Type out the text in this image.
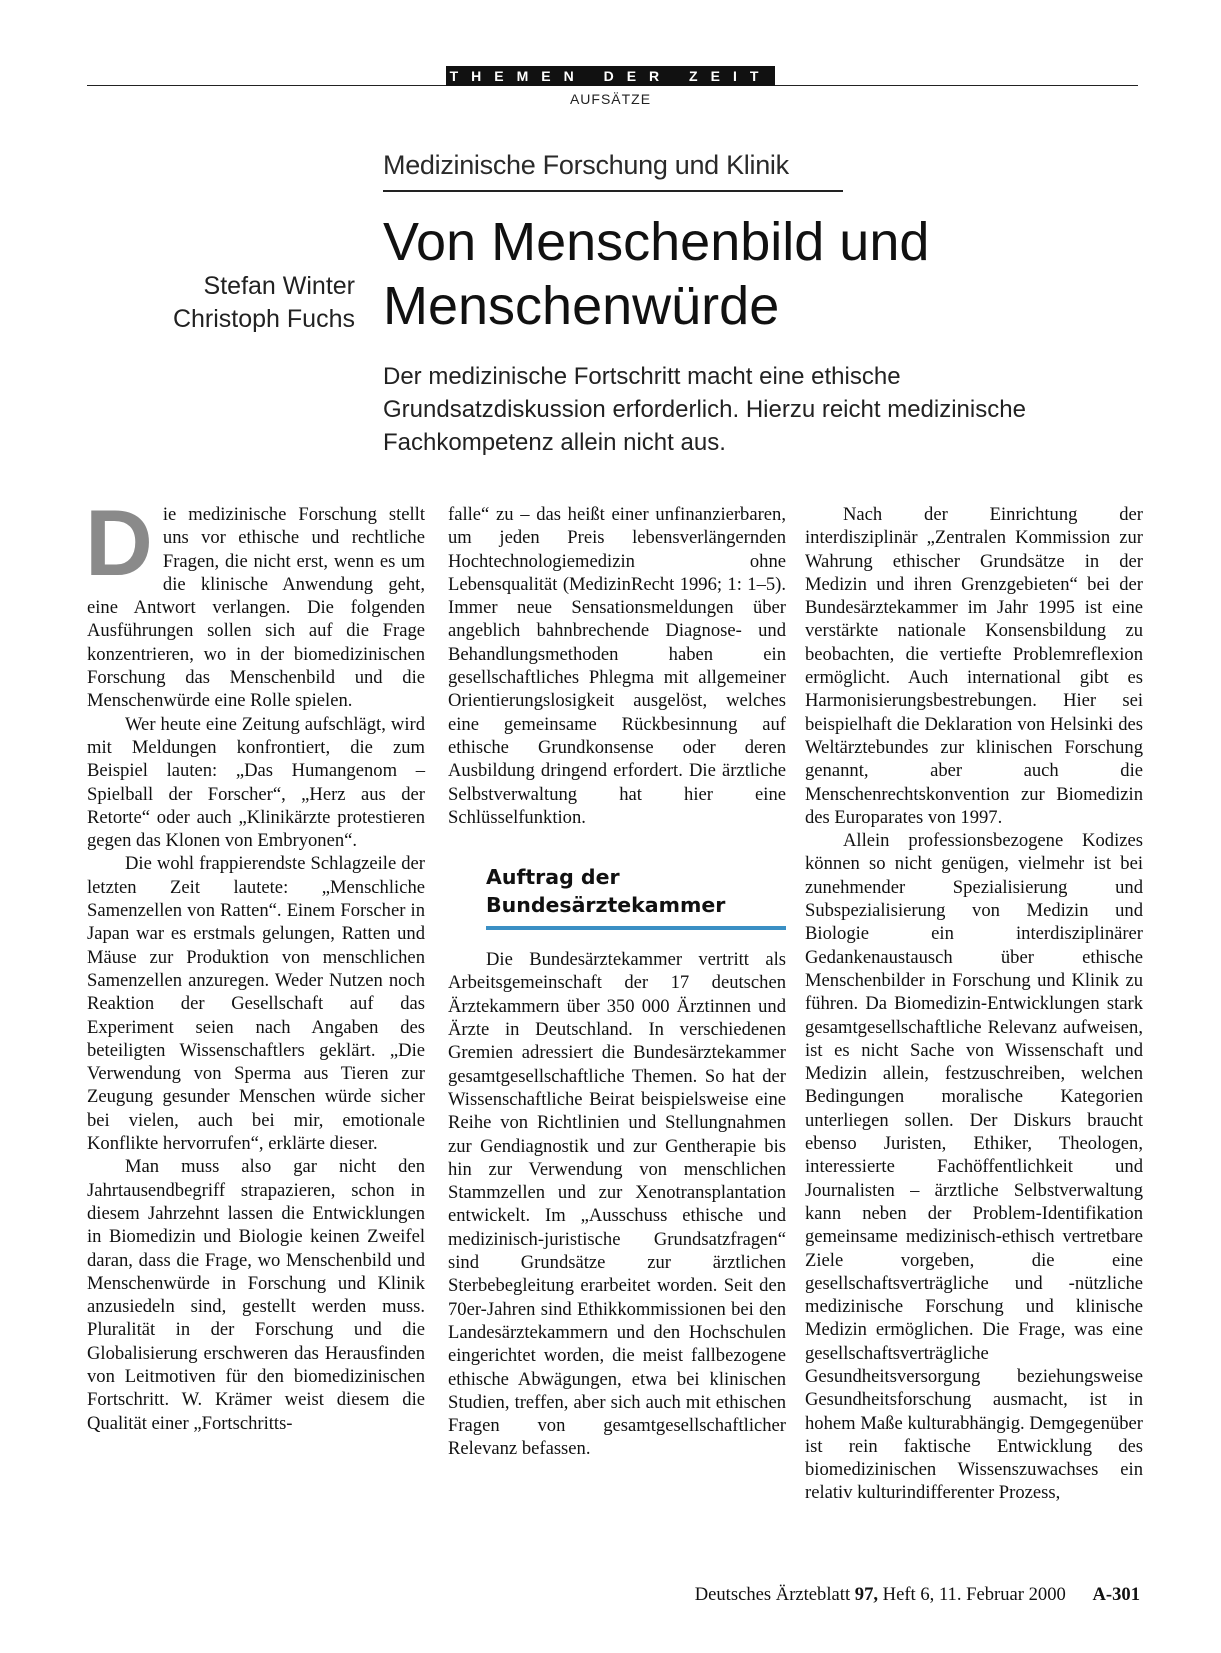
THEMEN DER ZEIT
AUFSÄTZE
Medizinische Forschung und Klinik
Von Menschenbild und
Menschenwürde
Stefan Winter
Christoph Fuchs
Der medizinische Fortschritt macht eine ethische
Grundsatzdiskussion erforderlich. Hierzu reicht medizinische
Fachkompetenz allein nicht aus.

Die medizinische Forschung stellt uns vor ethische und rechtliche Fragen, die nicht erst, wenn es um die klinische Anwendung geht, eine Antwort verlangen. Die folgenden Ausführungen sollen sich auf die Frage konzentrieren, wo in der biomedizinischen Forschung das Menschenbild und die Menschenwürde eine Rolle spielen.

Wer heute eine Zeitung aufschlägt, wird mit Meldungen konfrontiert, die zum Beispiel lauten: „Das Humangenom – Spielball der Forscher“, „Herz aus der Retorte“ oder auch „Klinikärzte protestieren gegen das Klonen von Embryonen“.

Die wohl frappierendste Schlagzeile der letzten Zeit lautete: „Menschliche Samenzellen von Ratten“. Einem Forscher in Japan war es erstmals gelungen, Ratten und Mäuse zur Produktion von menschlichen Samenzellen anzuregen. Weder Nutzen noch Reaktion der Gesellschaft auf das Experiment seien nach Angaben des beteiligten Wissenschaftlers geklärt. „Die Verwendung von Sperma aus Tieren zur Zeugung gesunder Menschen würde sicher bei vielen, auch bei mir, emotionale Konflikte hervorrufen“, erklärte dieser.

Man muss also gar nicht den Jahrtausendbegriff strapazieren, schon in diesem Jahrzehnt lassen die Entwicklungen in Biomedizin und Biologie keinen Zweifel daran, dass die Frage, wo Menschenbild und Menschenwürde in Forschung und Klinik anzusiedeln sind, gestellt werden muss. Pluralität in der Forschung und die Globalisierung erschweren das Herausfinden von Leitmotiven für den biomedizinischen Fortschritt. W. Krämer weist diesem die Qualität einer „Fortschritts-

falle“ zu – das heißt einer unfinanzierbaren, um jeden Preis lebensverlängernden Hochtechnologiemedizin ohne Lebensqualität (MedizinRecht 1996; 1: 1–5). Immer neue Sensationsmeldungen über angeblich bahnbrechende Diagnose- und Behandlungsmethoden haben ein gesellschaftliches Phlegma mit allgemeiner Orientierungslosigkeit ausgelöst, welches eine gemeinsame Rückbesinnung auf ethische Grundkonsense oder deren Ausbildung dringend erfordert. Die ärztliche Selbstverwaltung hat hier eine Schlüsselfunktion.

Auftrag der
Bundesärztekammer

Die Bundesärztekammer vertritt als Arbeitsgemeinschaft der 17 deutschen Ärztekammern über 350 000 Ärztinnen und Ärzte in Deutschland. In verschiedenen Gremien adressiert die Bundesärztekammer gesamtgesellschaftliche Themen. So hat der Wissenschaftliche Beirat beispielsweise eine Reihe von Richtlinien und Stellungnahmen zur Gendiagnostik und zur Gentherapie bis hin zur Verwendung von menschlichen Stammzellen und zur Xenotransplantation entwickelt. Im „Ausschuss ethische und medizinisch-juristische Grundsatzfragen“ sind Grundsätze zur ärztlichen Sterbebegleitung erarbeitet worden. Seit den 70er-Jahren sind Ethikkommissionen bei den Landesärztekammern und den Hochschulen eingerichtet worden, die meist fallbezogene ethische Abwägungen, etwa bei klinischen Studien, treffen, aber sich auch mit ethischen Fragen von gesamtgesellschaftlicher Relevanz befassen.

Nach der Einrichtung der interdisziplinär „Zentralen Kommission zur Wahrung ethischer Grundsätze in der Medizin und ihren Grenzgebieten“ bei der Bundesärztekammer im Jahr 1995 ist eine verstärkte nationale Konsensbildung zu beobachten, die vertiefte Problemreflexion ermöglicht. Auch international gibt es Harmonisierungsbestrebungen. Hier sei beispielhaft die Deklaration von Helsinki des Weltärztebundes zur klinischen Forschung genannt, aber auch die Menschenrechtskonvention zur Biomedizin des Europarates von 1997.

Allein professionsbezogene Kodizes können so nicht genügen, vielmehr ist bei zunehmender Spezialisierung und Subspezialisierung von Medizin und Biologie ein interdisziplinärer Gedankenaustausch über ethische Menschenbilder in Forschung und Klinik zu führen. Da Biomedizin-Entwicklungen stark gesamtgesellschaftliche Relevanz aufweisen, ist es nicht Sache von Wissenschaft und Medizin allein, festzuschreiben, welchen Bedingungen moralische Kategorien unterliegen sollen. Der Diskurs braucht ebenso Juristen, Ethiker, Theologen, interessierte Fachöffentlichkeit und Journalisten – ärztliche Selbstverwaltung kann neben der Problem-Identifikation gemeinsame medizinisch-ethisch vertretbare Ziele vorgeben, die eine gesellschaftsverträgliche und -nützliche medizinische Forschung und klinische Medizin ermöglichen. Die Frage, was eine gesellschaftsverträgliche Gesundheitsversorgung beziehungsweise Gesundheitsforschung ausmacht, ist in hohem Maße kulturabhängig. Demgegenüber ist rein faktische Entwicklung des biomedizinischen Wissenszuwachses ein relativ kulturindifferenter Prozess,

Deutsches Ärzteblatt 97, Heft 6, 11. Februar 2000 A-301
